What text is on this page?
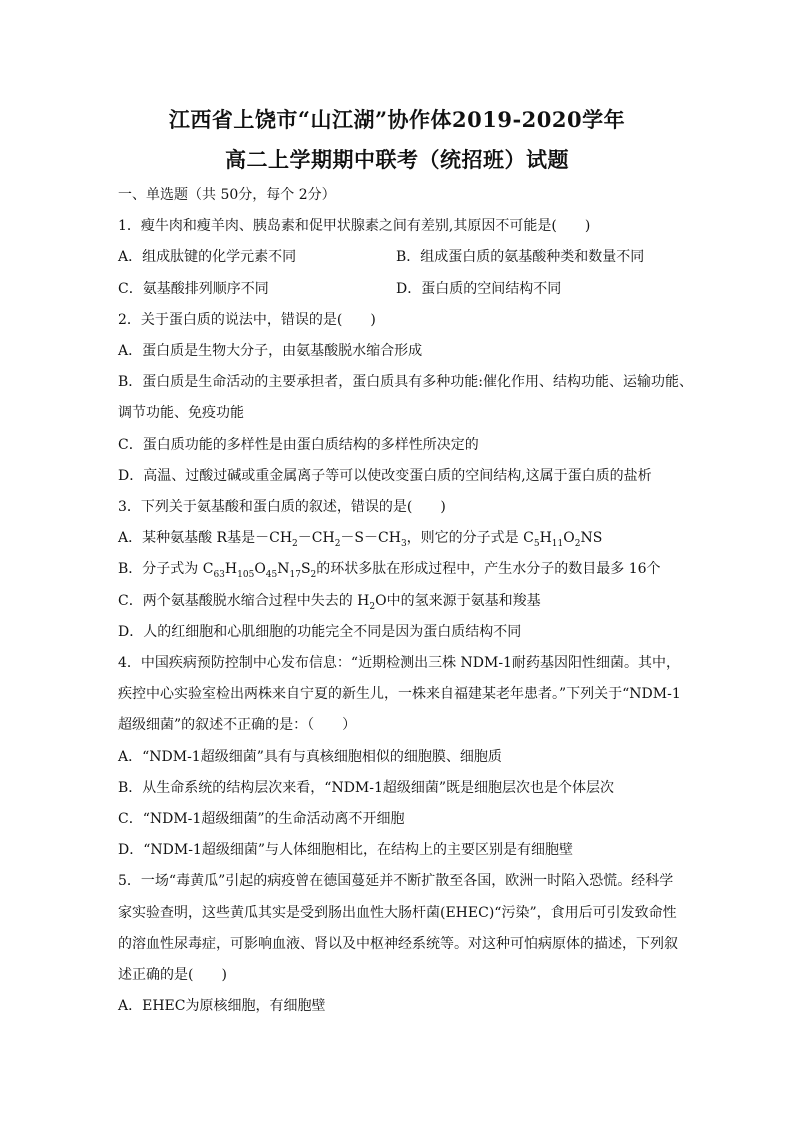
江西省上饶市“山江湖”协作体2019-2020学年
高二上学期期中联考（统招班）试题
一、单选题（共 50分，每个 2分）
1．瘦牛肉和瘦羊肉、胰岛素和促甲状腺素之间有差别,其原因不可能是(　　)
A．组成肽键的化学元素不同	B．组成蛋白质的氨基酸种类和数量不同
C．氨基酸排列顺序不同	D．蛋白质的空间结构不同
2．关于蛋白质的说法中，错误的是(　　)
A．蛋白质是生物大分子，由氨基酸脱水缩合形成
B．蛋白质是生命活动的主要承担者，蛋白质具有多种功能:催化作用、结构功能、运输功能、
调节功能、免疫功能
C．蛋白质功能的多样性是由蛋白质结构的多样性所决定的
D．高温、过酸过碱或重金属离子等可以使改变蛋白质的空间结构,这属于蛋白质的盐析
3．下列关于氨基酸和蛋白质的叙述，错误的是(　　)
A．某种氨基酸 R基是$-CH_2-CH_2-S-CH_3$，则它的分子式是 $C_5H_{11}O_2NS$
B．分子式为 $C_{63}H_{105}O_{45}N_{17}S_2$的环状多肽在形成过程中，产生水分子的数目最多 16个
C．两个氨基酸脱水缩合过程中失去的 $H_2O$中的氢来源于氨基和羧基
D．人的红细胞和心肌细胞的功能完全不同是因为蛋白质结构不同
4．中国疾病预防控制中心发布信息：“近期检测出三株 NDM-1耐药基因阳性细菌。其中，
疾控中心实验室检出两株来自宁夏的新生儿，一株来自福建某老年患者。”下列关于“NDM-1
超级细菌”的叙述不正确的是：（　　）
A．“NDM-1超级细菌”具有与真核细胞相似的细胞膜、细胞质
B．从生命系统的结构层次来看，“NDM-1超级细菌”既是细胞层次也是个体层次
C．“NDM-1超级细菌”的生命活动离不开细胞
D．“NDM-1超级细菌”与人体细胞相比，在结构上的主要区别是有细胞壁
5．一场“毒黄瓜”引起的病疫曾在德国蔓延并不断扩散至各国，欧洲一时陷入恐慌。经科学
家实验查明，这些黄瓜其实是受到肠出血性大肠杆菌(EHEC)“污染”，食用后可引发致命性
的溶血性尿毒症，可影响血液、肾以及中枢神经系统等。对这种可怕病原体的描述，下列叙
述正确的是(　　)
A．EHEC为原核细胞，有细胞壁
